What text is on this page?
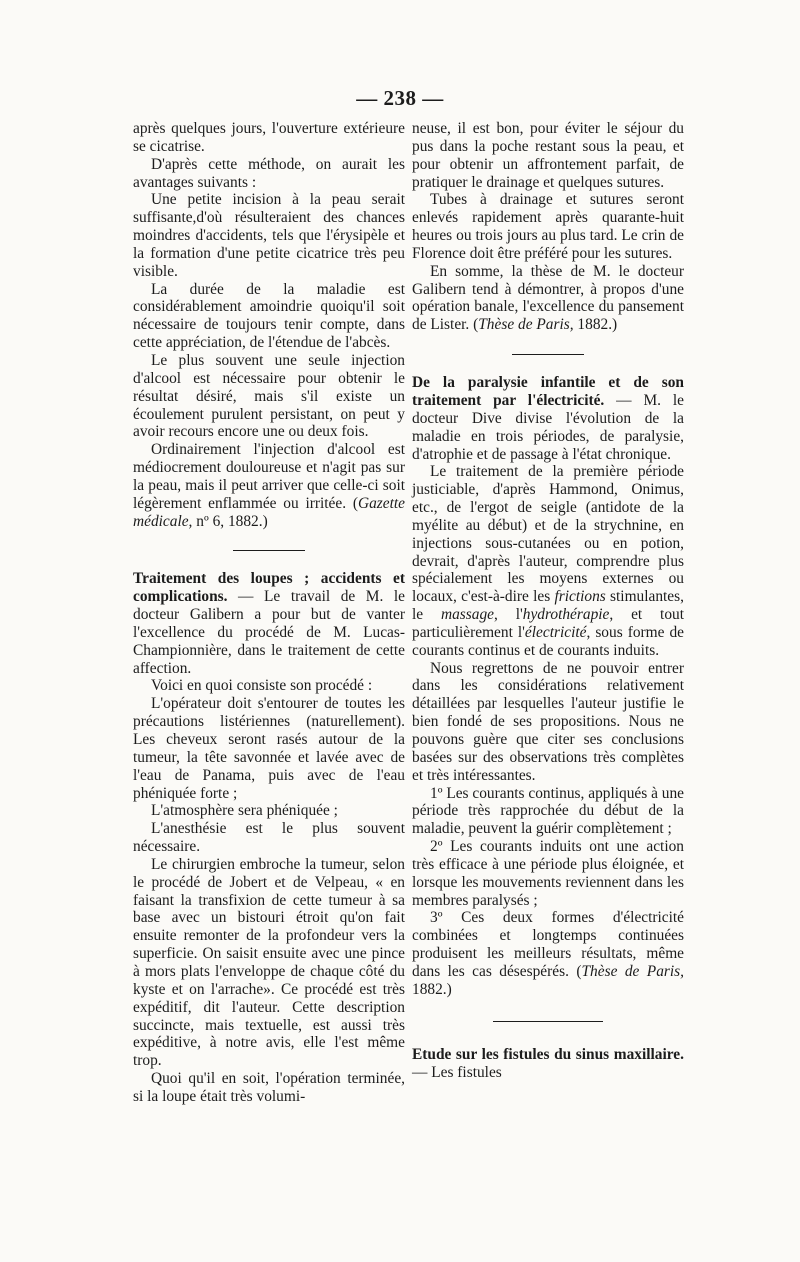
— 238 —

après quelques jours, l'ouverture extérieure se cicatrise.

D'après cette méthode, on aurait les avantages suivants :

Une petite incision à la peau serait suffisante,d'où résulteraient des chances moindres d'accidents, tels que l'érysipèle et la formation d'une petite cicatrice très peu visible.

La durée de la maladie est considérablement amoindrie quoiqu'il soit nécessaire de toujours tenir compte, dans cette appréciation, de l'étendue de l'abcès.

Le plus souvent une seule injection d'alcool est nécessaire pour obtenir le résultat désiré, mais s'il existe un écoulement purulent persistant, on peut y avoir recours encore une ou deux fois.

Ordinairement l'injection d'alcool est médiocrement douloureuse et n'agit pas sur la peau, mais il peut arriver que celle-ci soit légèrement enflammée ou irritée. (Gazette médicale, nº 6, 1882.)

Traitement des loupes ; accidents et complications. — Le travail de M. le docteur Galibern a pour but de vanter l'excellence du procédé de M. Lucas-Championnière, dans le traitement de cette affection.

Voici en quoi consiste son procédé :

L'opérateur doit s'entourer de toutes les précautions listériennes (naturellement). Les cheveux seront rasés autour de la tumeur, la tête savonnée et lavée avec de l'eau de Panama, puis avec de l'eau phéniquée forte ;

L'atmosphère sera phéniquée ;

L'anesthésie est le plus souvent nécessaire.

Le chirurgien embroche la tumeur, selon le procédé de Jobert et de Velpeau, « en faisant la transfixion de cette tumeur à sa base avec un bistouri étroit qu'on fait ensuite remonter de la profondeur vers la superficie. On saisit ensuite avec une pince à mors plats l'enveloppe de chaque côté du kyste et on l'arrache». Ce procédé est très expéditif, dit l'auteur. Cette description succincte, mais textuelle, est aussi très expéditive, à notre avis, elle l'est même trop.

Quoi qu'il en soit, l'opération terminée, si la loupe était très volumi-

neuse, il est bon, pour éviter le séjour du pus dans la poche restant sous la peau, et pour obtenir un affrontement parfait, de pratiquer le drainage et quelques sutures.

Tubes à drainage et sutures seront enlevés rapidement après quarante-huit heures ou trois jours au plus tard. Le crin de Florence doit être préféré pour les sutures.

En somme, la thèse de M. le docteur Galibern tend à démontrer, à propos d'une opération banale, l'excellence du pansement de Lister. (Thèse de Paris, 1882.)

De la paralysie infantile et de son traitement par l'électricité. — M. le docteur Dive divise l'évolution de la maladie en trois périodes, de paralysie, d'atrophie et de passage à l'état chronique.

Le traitement de la première période justiciable, d'après Hammond, Onimus, etc., de l'ergot de seigle (antidote de la myélite au début) et de la strychnine, en injections sous-cutanées ou en potion, devrait, d'après l'auteur, comprendre plus spécialement les moyens externes ou locaux, c'est-à-dire les frictions stimulantes, le massage, l'hydrothérapie, et tout particulièrement l'électricité, sous forme de courants continus et de courants induits.

Nous regrettons de ne pouvoir entrer dans les considérations relativement détaillées par lesquelles l'auteur justifie le bien fondé de ses propositions. Nous ne pouvons guère que citer ses conclusions basées sur des observations très complètes et très intéressantes.

1º Les courants continus, appliqués à une période très rapprochée du début de la maladie, peuvent la guérir complètement ;

2º Les courants induits ont une action très efficace à une période plus éloignée, et lorsque les mouvements reviennent dans les membres paralysés ;

3º Ces deux formes d'électricité combinées et longtemps continuées produisent les meilleurs résultats, même dans les cas désespérés. (Thèse de Paris, 1882.)

Etude sur les fistules du sinus maxillaire. — Les fistules
